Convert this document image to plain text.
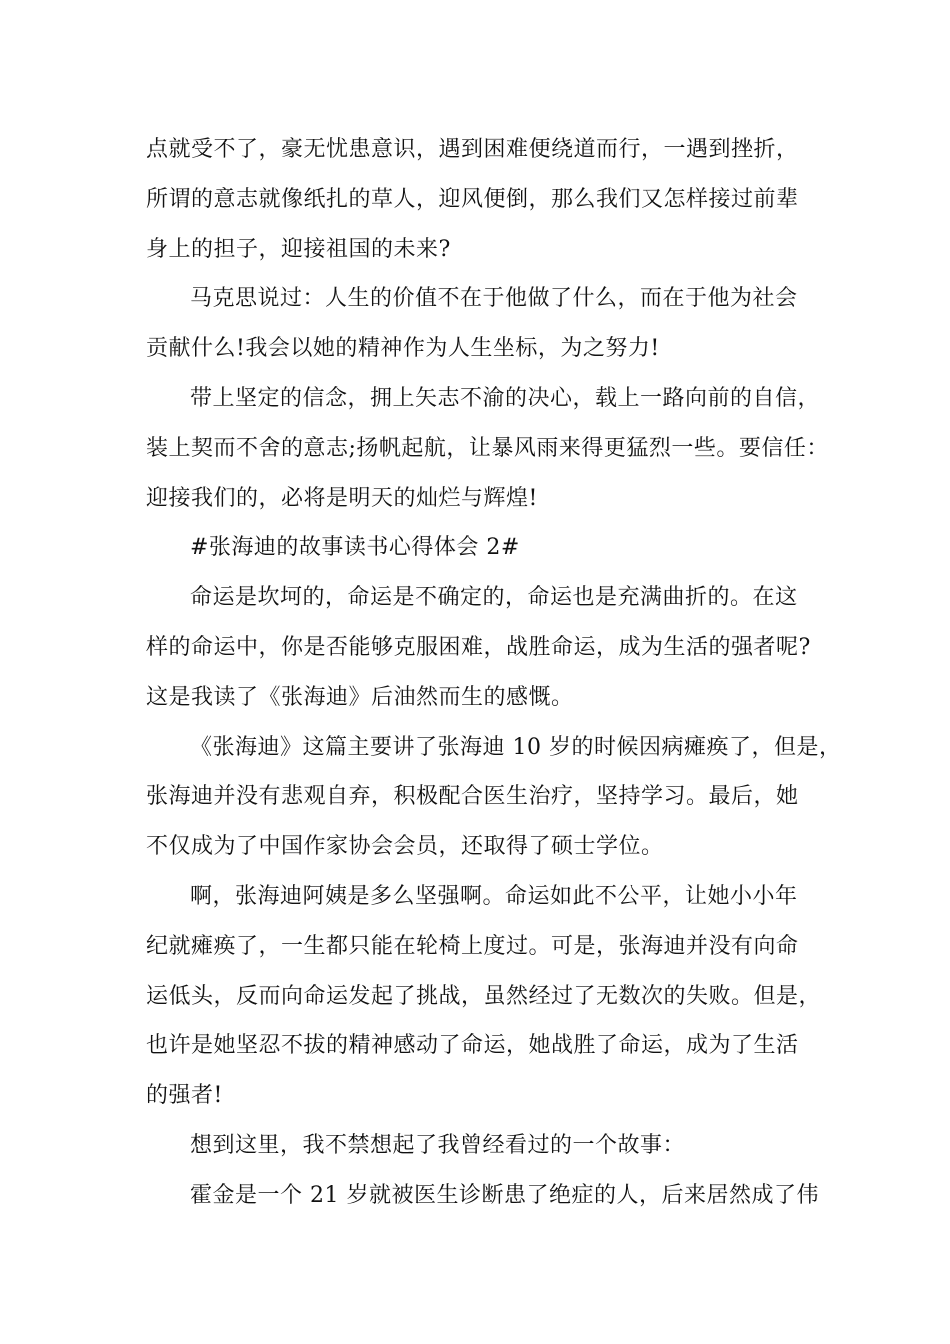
点就受不了，豪无忧患意识，遇到困难便绕道而行，一遇到挫折，
所谓的意志就像纸扎的草人，迎风便倒，那么我们又怎样接过前辈
身上的担子，迎接祖国的未来?
马克思说过：人生的价值不在于他做了什么，而在于他为社会
贡献什么!我会以她的精神作为人生坐标，为之努力!
带上坚定的信念，拥上矢志不渝的决心，载上一路向前的自信，
装上契而不舍的意志;扬帆起航，让暴风雨来得更猛烈一些。要信任：
迎接我们的，必将是明天的灿烂与辉煌!
#张海迪的故事读书心得体会 2#
命运是坎坷的，命运是不确定的，命运也是充满曲折的。在这
样的命运中，你是否能够克服困难，战胜命运，成为生活的强者呢?
这是我读了《张海迪》后油然而生的感慨。
《张海迪》这篇主要讲了张海迪 10 岁的时候因病瘫痪了，但是，
张海迪并没有悲观自弃，积极配合医生治疗，坚持学习。最后，她
不仅成为了中国作家协会会员，还取得了硕士学位。
啊，张海迪阿姨是多么坚强啊。命运如此不公平，让她小小年
纪就瘫痪了，一生都只能在轮椅上度过。可是，张海迪并没有向命
运低头，反而向命运发起了挑战，虽然经过了无数次的失败。但是，
也许是她坚忍不拔的精神感动了命运，她战胜了命运，成为了生活
的强者!
想到这里，我不禁想起了我曾经看过的一个故事：
霍金是一个 21 岁就被医生诊断患了绝症的人，后来居然成了伟
